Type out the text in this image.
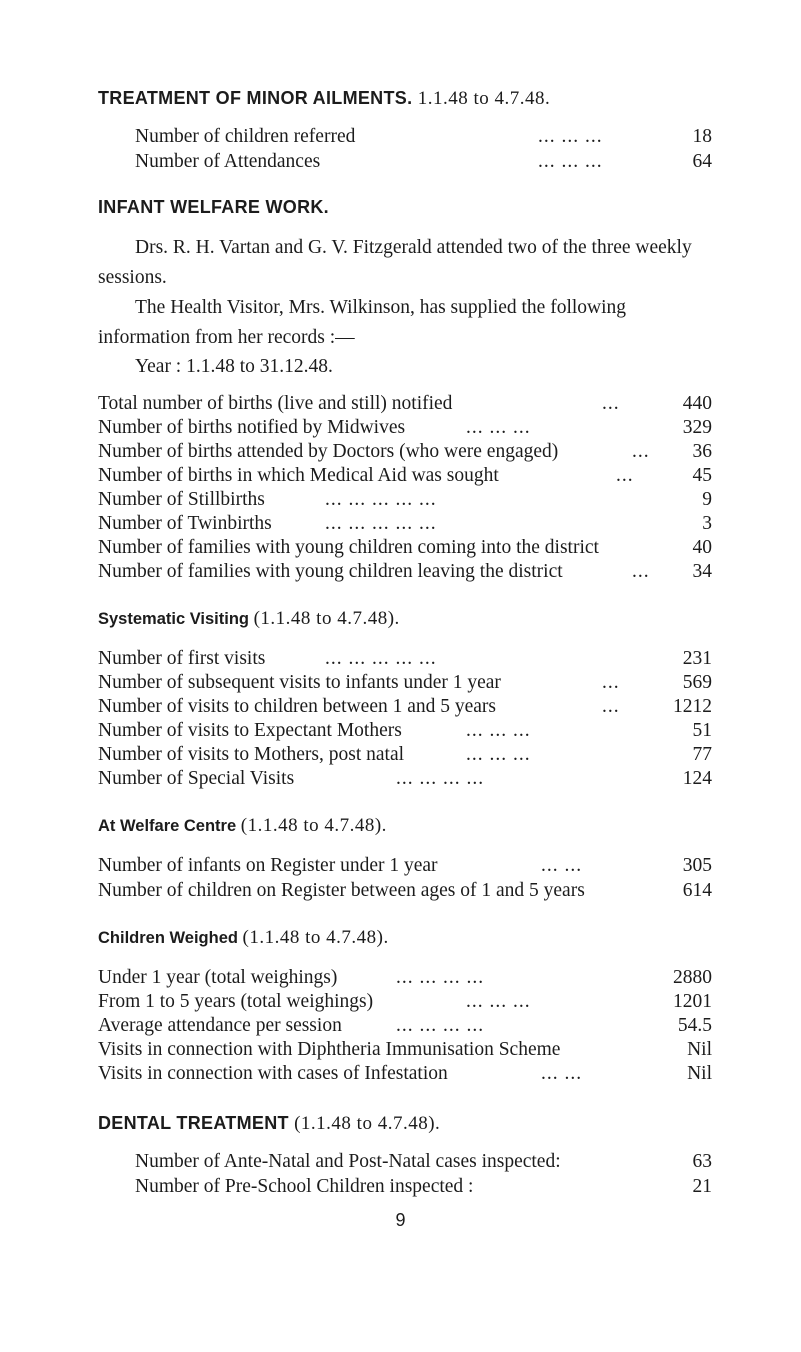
TREATMENT OF MINOR AILMENTS. 1.1.48 to 4.7.48.
Number of children referred	... ... ...	18
Number of Attendances	... ... ...	64
INFANT WELFARE WORK.
Drs. R. H. Vartan and G. V. Fitzgerald attended two of the three weekly sessions.
The Health Visitor, Mrs. Wilkinson, has supplied the following information from her records :—
Year : 1.1.48 to 31.12.48.
Total number of births (live and still) notified	...	440
Number of births notified by Midwives	... ... ...	329
Number of births attended by Doctors (who were engaged)	... 36
Number of births in which Medical Aid was sought	...	45
Number of Stillbirths	... ... ... ... ...	9
Number of Twinbirths	... ... ... ... ...	3
Number of families with young children coming into the district	40
Number of families with young children leaving the district	... 34
Systematic Visiting (1.1.48 to 4.7.48).
Number of first visits	... ... ... ... ...	231
Number of subsequent visits to infants under 1 year	...	569
Number of visits to children between 1 and 5 years	...	1212
Number of visits to Expectant Mothers	... ... ...	51
Number of visits to Mothers, post natal	... ... ...	77
Number of Special Visits	... ... ... ...	124
At Welfare Centre (1.1.48 to 4.7.48).
Number of infants on Register under 1 year	... ...	305
Number of children on Register between ages of 1 and 5 years	614
Children Weighed (1.1.48 to 4.7.48).
Under 1 year (total weighings)	... ... ... ...	2880
From 1 to 5 years (total weighings)	... ... ...	1201
Average attendance per session	... ... ... ...	54.5
Visits in connection with Diphtheria Immunisation Scheme	Nil
Visits in connection with cases of Infestation	... ...	Nil
DENTAL TREATMENT (1.1.48 to 4.7.48).
Number of Ante-Natal and Post-Natal cases inspected:	63
Number of Pre-School Children inspected :	21
9
